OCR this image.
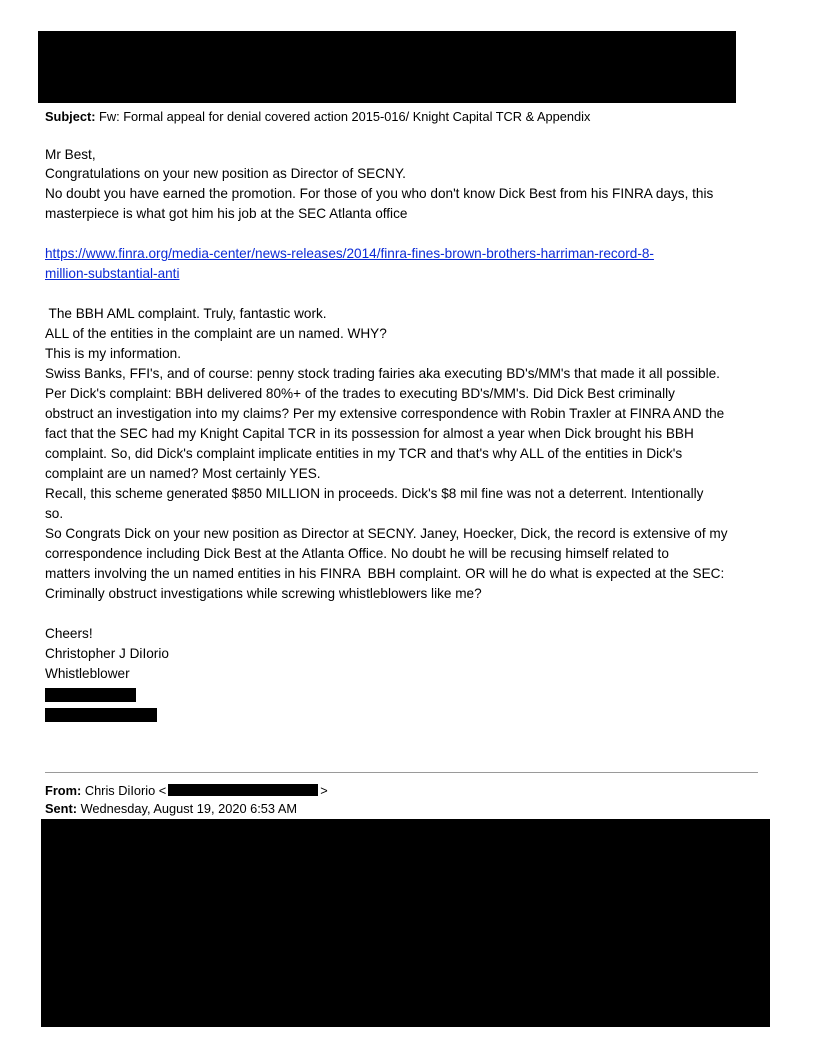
Subject: Fw: Formal appeal for denial covered action 2015-016/ Knight Capital TCR & Appendix
Mr Best,
Congratulations on your new position as Director of SECNY.
No doubt you have earned the promotion. For those of you who don't know Dick Best from his FINRA days, this
masterpiece is what got him his job at the SEC Atlanta office
https://www.finra.org/media-center/news-releases/2014/finra-fines-brown-brothers-harriman-record-8-
million-substantial-anti
The BBH AML complaint. Truly, fantastic work.
ALL of the entities in the complaint are un named. WHY?
This is my information.
Swiss Banks, FFI's, and of course: penny stock trading fairies aka executing BD's/MM's that made it all possible.
Per Dick's complaint: BBH delivered 80%+ of the trades to executing BD's/MM's. Did Dick Best criminally
obstruct an investigation into my claims? Per my extensive correspondence with Robin Traxler at FINRA AND the
fact that the SEC had my Knight Capital TCR in its possession for almost a year when Dick brought his BBH
complaint. So, did Dick's complaint implicate entities in my TCR and that's why ALL of the entities in Dick's
complaint are un named? Most certainly YES.
Recall, this scheme generated $850 MILLION in proceeds. Dick's $8 mil fine was not a deterrent. Intentionally
so.
So Congrats Dick on your new position as Director at SECNY. Janey, Hoecker, Dick, the record is extensive of my
correspondence including Dick Best at the Atlanta Office. No doubt he will be recusing himself related to
matters involving the un named entities in his FINRA  BBH complaint. OR will he do what is expected at the SEC:
Criminally obstruct investigations while screwing whistleblowers like me?
Cheers!
Christopher J DiIorio
Whistleblower
From: Chris DiIorio <	>
Sent: Wednesday, August 19, 2020 6:53 AM
